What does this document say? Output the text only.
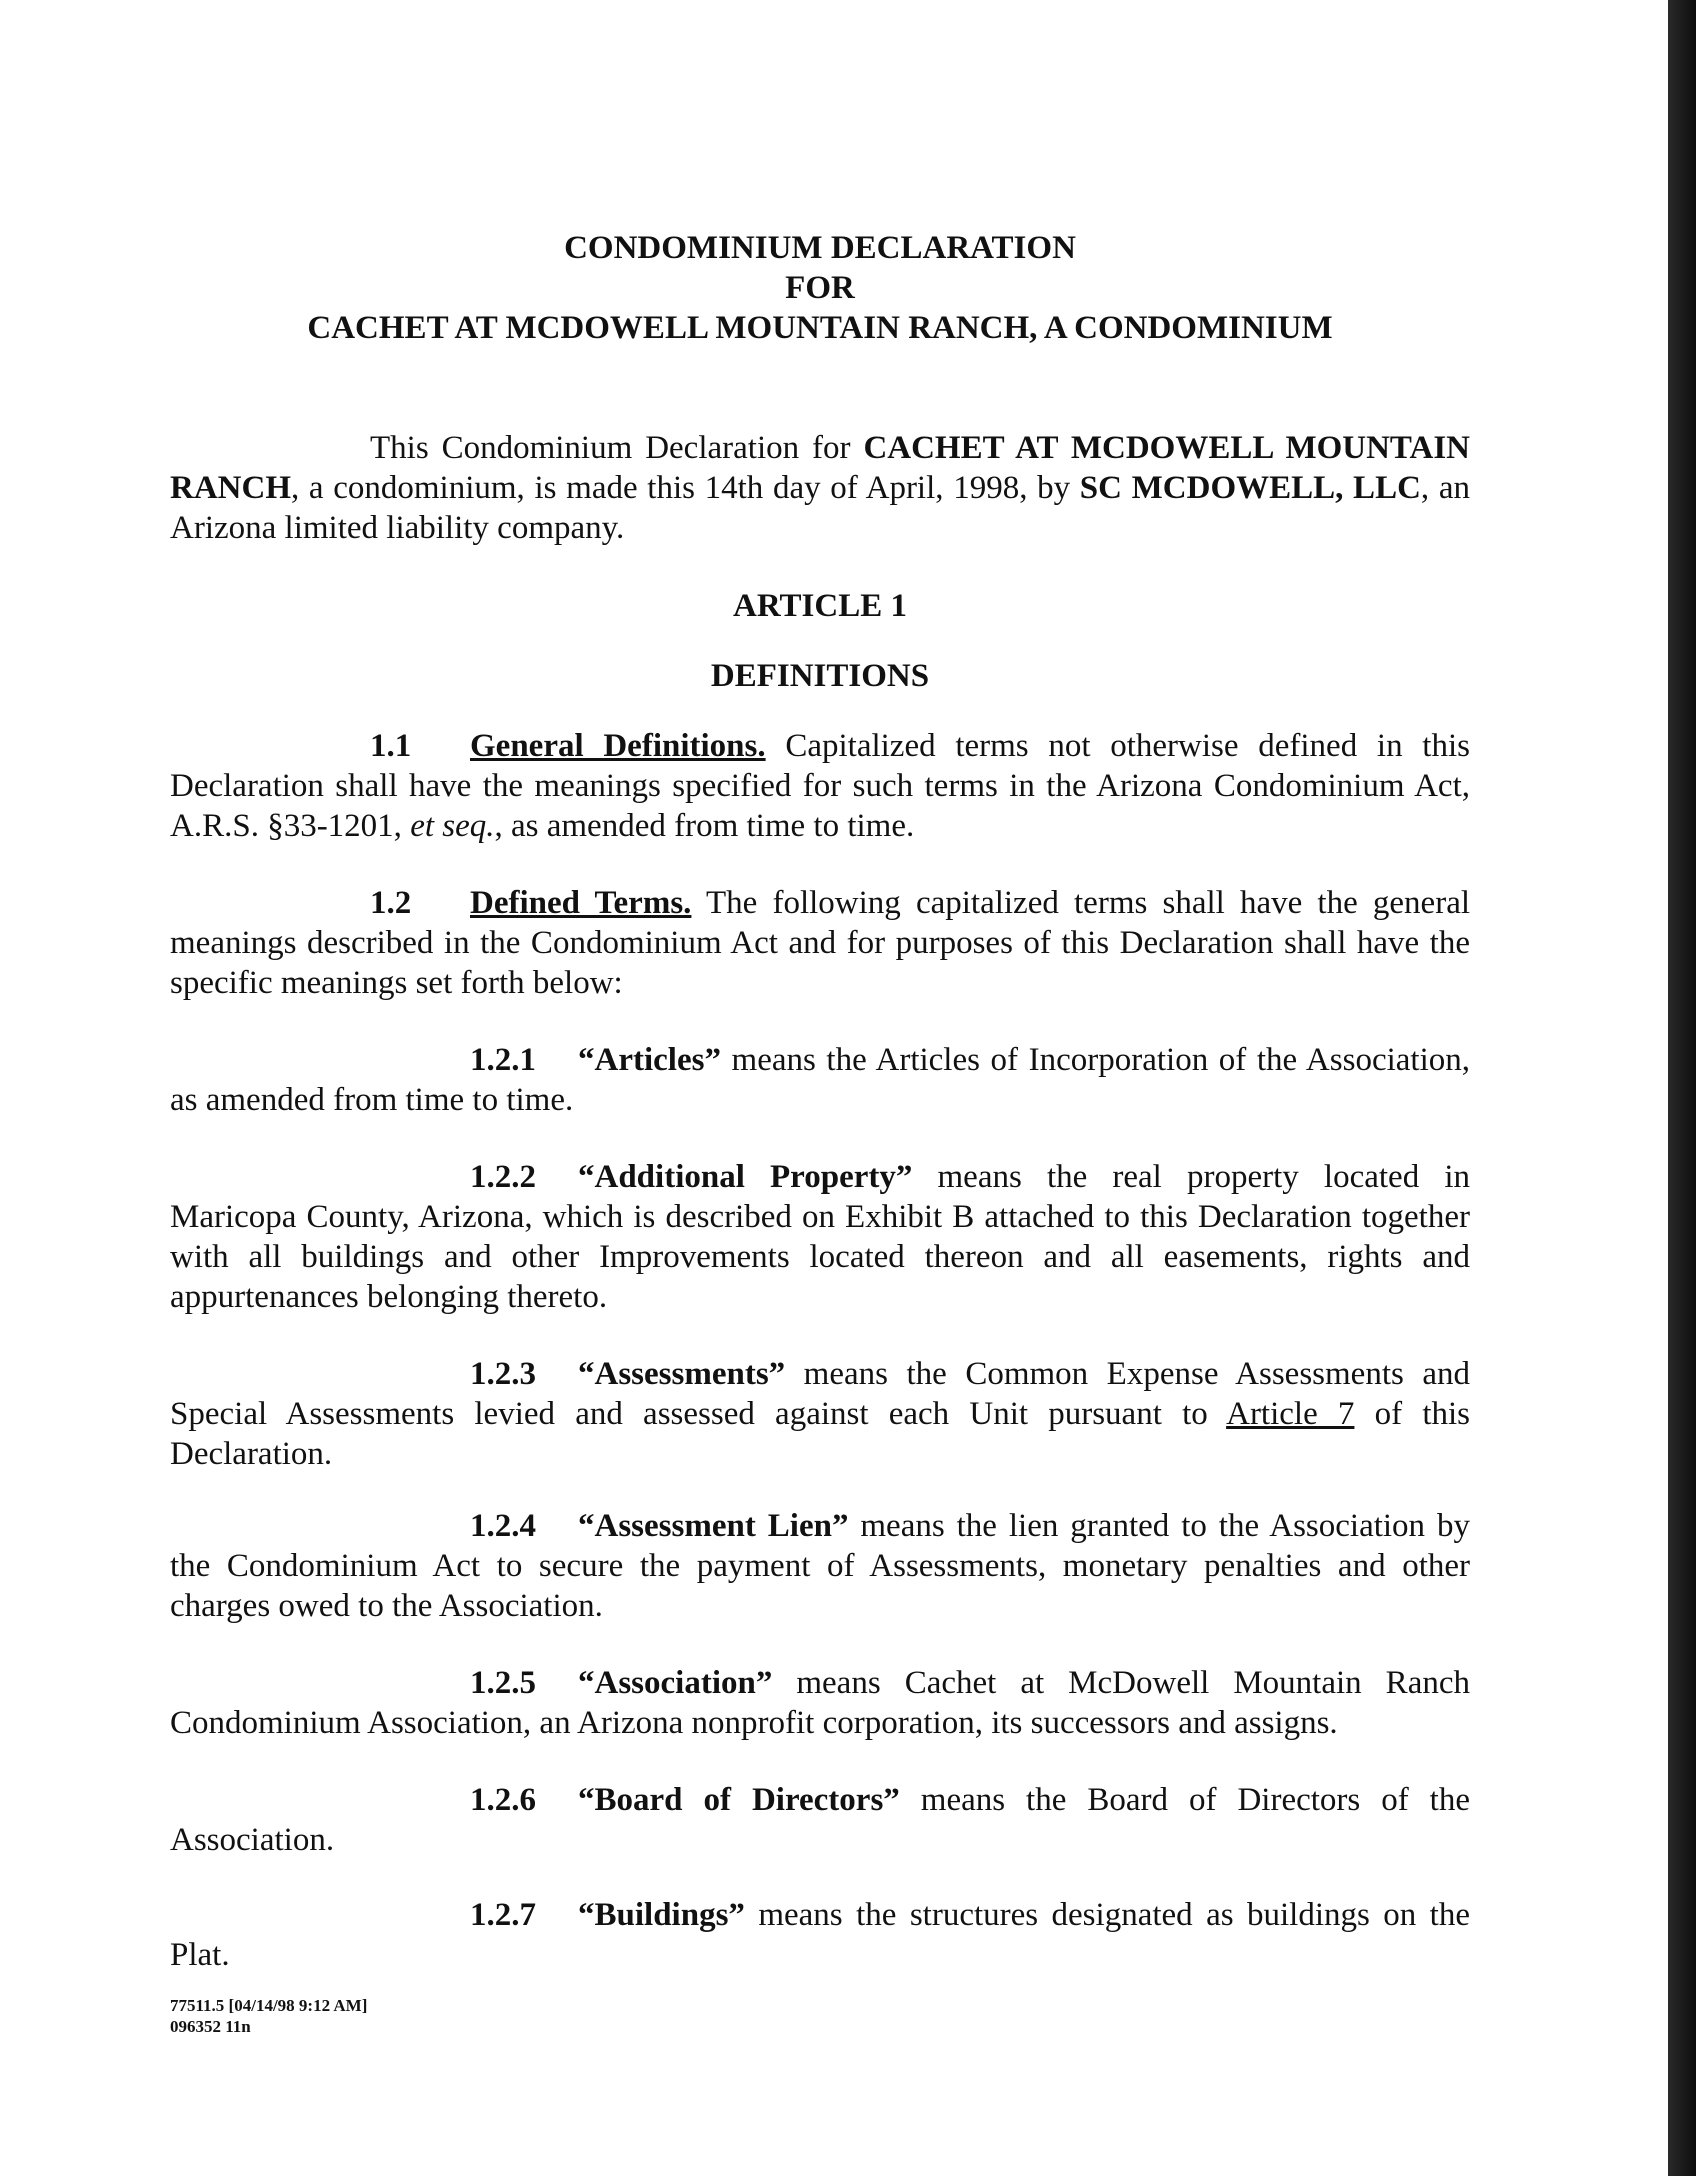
CONDOMINIUM DECLARATION
FOR
CACHET AT MCDOWELL MOUNTAIN RANCH, A CONDOMINIUM

This Condominium Declaration for CACHET AT MCDOWELL MOUNTAIN RANCH, a condominium, is made this 14th day of April, 1998, by SC MCDOWELL, LLC, an Arizona limited liability company.

ARTICLE 1

DEFINITIONS

1.1 General Definitions. Capitalized terms not otherwise defined in this Declaration shall have the meanings specified for such terms in the Arizona Condominium Act, A.R.S. §33-1201, et seq., as amended from time to time.

1.2 Defined Terms. The following capitalized terms shall have the general meanings described in the Condominium Act and for purposes of this Declaration shall have the specific meanings set forth below:

1.2.1 “Articles” means the Articles of Incorporation of the Association, as amended from time to time.

1.2.2 “Additional Property” means the real property located in Maricopa County, Arizona, which is described on Exhibit B attached to this Declaration together with all buildings and other Improvements located thereon and all easements, rights and appurtenances belonging thereto.

1.2.3 “Assessments” means the Common Expense Assessments and Special Assessments levied and assessed against each Unit pursuant to Article 7 of this Declaration.

1.2.4 “Assessment Lien” means the lien granted to the Association by the Condominium Act to secure the payment of Assessments, monetary penalties and other charges owed to the Association.

1.2.5 “Association” means Cachet at McDowell Mountain Ranch Condominium Association, an Arizona nonprofit corporation, its successors and assigns.

1.2.6 “Board of Directors” means the Board of Directors of the

Association.

1.2.7 “Buildings” means the structures designated as buildings on the

Plat.

77511.5 [04/14/98 9:12 AM]
096352 11n
